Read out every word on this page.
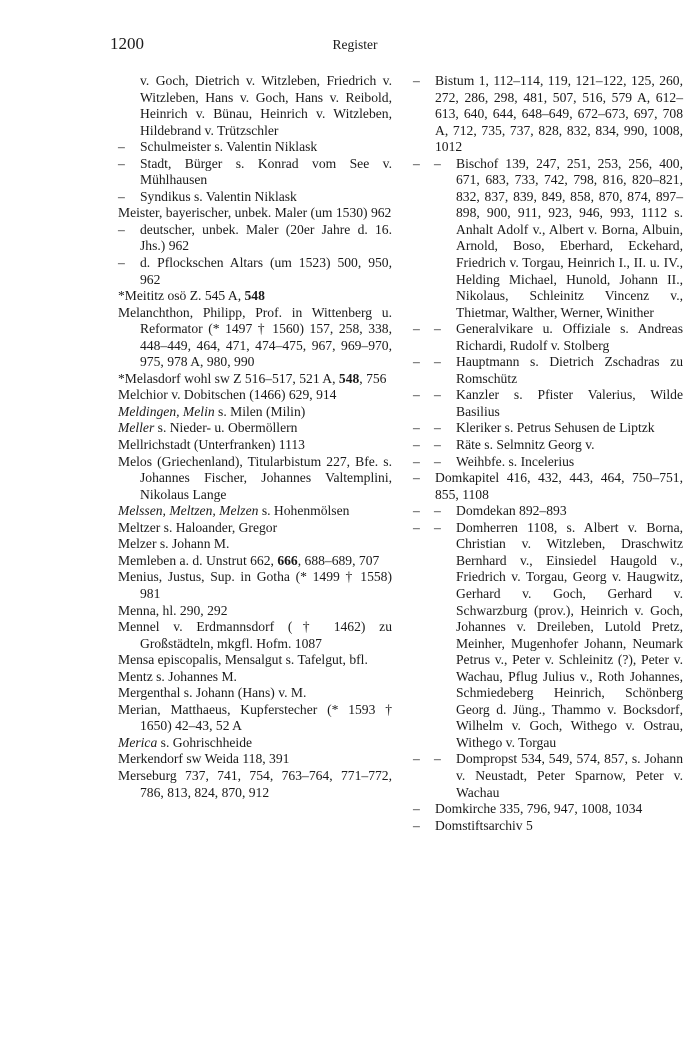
1200	Register
v. Goch, Dietrich v. Witzleben, Friedrich v. Witzleben, Hans v. Goch, Hans v. Reibold, Heinrich v. Bünau, Heinrich v. Witzleben, Hildebrand v. Trützschler
– Schulmeister s. Valentin Niklask
– Stadt, Bürger s. Konrad vom See v. Mühlhausen
– Syndikus s. Valentin Niklask
Meister, bayerischer, unbek. Maler (um 1530) 962
– deutscher, unbek. Maler (20er Jahre d. 16. Jhs.) 962
– d. Pflockschen Altars (um 1523) 500, 950, 962
*Meititz osö Z. 545 A, 548
Melanchthon, Philipp, Prof. in Wittenberg u. Reformator (* 1497 † 1560) 157, 258, 338, 448–449, 464, 471, 474–475, 967, 969–970, 975, 978 A, 980, 990
*Melasdorf wohl sw Z 516–517, 521 A, 548, 756
Melchior v. Dobitschen (1466) 629, 914
Meldingen, Melin s. Milen (Milin)
Meller s. Nieder- u. Obermöllern
Mellrichstadt (Unterfranken) 1113
Melos (Griechenland), Titularbistum 227, Bfe. s. Johannes Fischer, Johannes Valtemplini, Nikolaus Lange
Melssen, Meltzen, Melzen s. Hohenmölsen
Meltzer s. Haloander, Gregor
Melzer s. Johann M.
Memleben a. d. Unstrut 662, 666, 688–689, 707
Menius, Justus, Sup. in Gotha (* 1499 † 1558) 981
Menna, hl. 290, 292
Mennel v. Erdmannsdorf († 1462) zu Großstädteln, mkgfl. Hofm. 1087
Mensa episcopalis, Mensalgut s. Tafelgut, bfl.
Mentz s. Johannes M.
Mergenthal s. Johann (Hans) v. M.
Merian, Matthaeus, Kupferstecher (* 1593 † 1650) 42–43, 52 A
Merica s. Gohrischheide
Merkendorf sw Weida 118, 391
Merseburg 737, 741, 754, 763–764, 771–772, 786, 813, 824, 870, 912
– Bistum 1, 112–114, 119, 121–122, 125, 260, 272, 286, 298, 481, 507, 516, 579 A, 612–613, 640, 644, 648–649, 672–673, 697, 708 A, 712, 735, 737, 828, 832, 834, 990, 1008, 1012
– – Bischof 139, 247, 251, 253, 256, 400, 671, 683, 733, 742, 798, 816, 820–821, 832, 837, 839, 849, 858, 870, 874, 897–898, 900, 911, 923, 946, 993, 1112 s. Anhalt Adolf v., Albert v. Borna, Albuin, Arnold, Boso, Eberhard, Eckehard, Friedrich v. Torgau, Heinrich I., II. u. IV., Helding Michael, Hunold, Johann II., Nikolaus, Schleinitz Vincenz v., Thietmar, Walther, Werner, Winither
– – Generalvikare u. Offiziale s. Andreas Richardi, Rudolf v. Stolberg
– – Hauptmann s. Dietrich Zschadras zu Romschütz
– – Kanzler s. Pfister Valerius, Wilde Basilius
– – Kleriker s. Petrus Sehusen de Liptzk
– – Räte s. Selmnitz Georg v.
– – Weihbfe. s. Incelerius
– Domkapitel 416, 432, 443, 464, 750–751, 855, 1108
– – Domdekan 892–893
– – Domherren 1108, s. Albert v. Borna, Christian v. Witzleben, Draschwitz Bernhard v., Einsiedel Haugold v., Friedrich v. Torgau, Georg v. Haugwitz, Gerhard v. Goch, Gerhard v. Schwarzburg (prov.), Heinrich v. Goch, Johannes v. Dreileben, Lutold Pretz, Meinher, Mugenhofer Johann, Neumark Petrus v., Peter v. Schleinitz (?), Peter v. Wachau, Pflug Julius v., Roth Johannes, Schmiedeberg Heinrich, Schönberg Georg d. Jüng., Thammo v. Bocksdorf, Wilhelm v. Goch, Withego v. Ostrau, Withego v. Torgau
– – Dompropst 534, 549, 574, 857, s. Johann v. Neustadt, Peter Sparnow, Peter v. Wachau
– Domkirche 335, 796, 947, 1008, 1034
– Domstiftsarchiv 5
